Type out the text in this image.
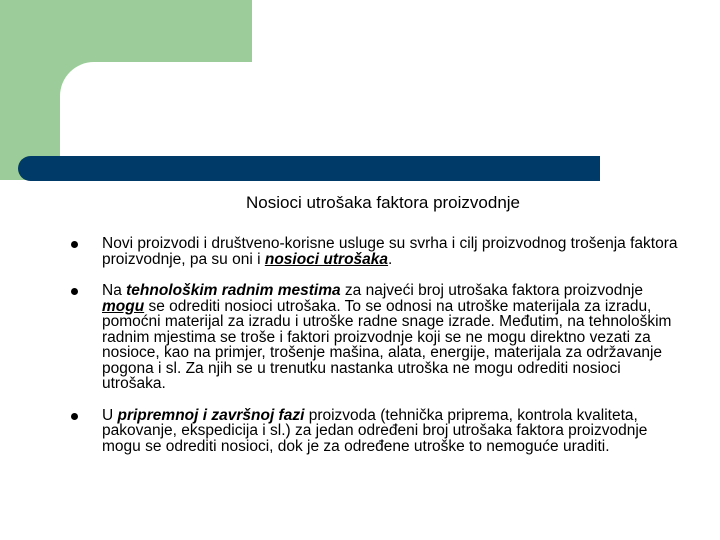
Nosioci utrošaka faktora proizvodnje
Novi proizvodi i društveno-korisne usluge su svrha i cilj proizvodnog trošenja faktora proizvodnje, pa su oni i nosioci utrošaka.
Na tehnološkim radnim mestima za najveći broj utrošaka faktora proizvodnje mogu se odrediti nosioci utrošaka. To se odnosi na utroške materijala za izradu, pomoćni materijal za izradu i utroške radne snage izrade. Međutim, na tehnološkim radnim mjestima se troše i faktori proizvodnje koji se ne mogu direktno vezati za nosioce, kao na primjer, trošenje mašina, alata, energije, materijala za održavanje pogona i sl. Za njih se u trenutku nastanka utroška ne mogu odrediti nosioci utrošaka.
U pripremnoj i završnoj fazi proizvoda (tehnička priprema, kontrola kvaliteta, pakovanje, ekspedicija i sl.) za jedan određeni broj utrošaka faktora proizvodnje mogu se odrediti nosioci, dok je za određene utroške to nemoguće uraditi.
